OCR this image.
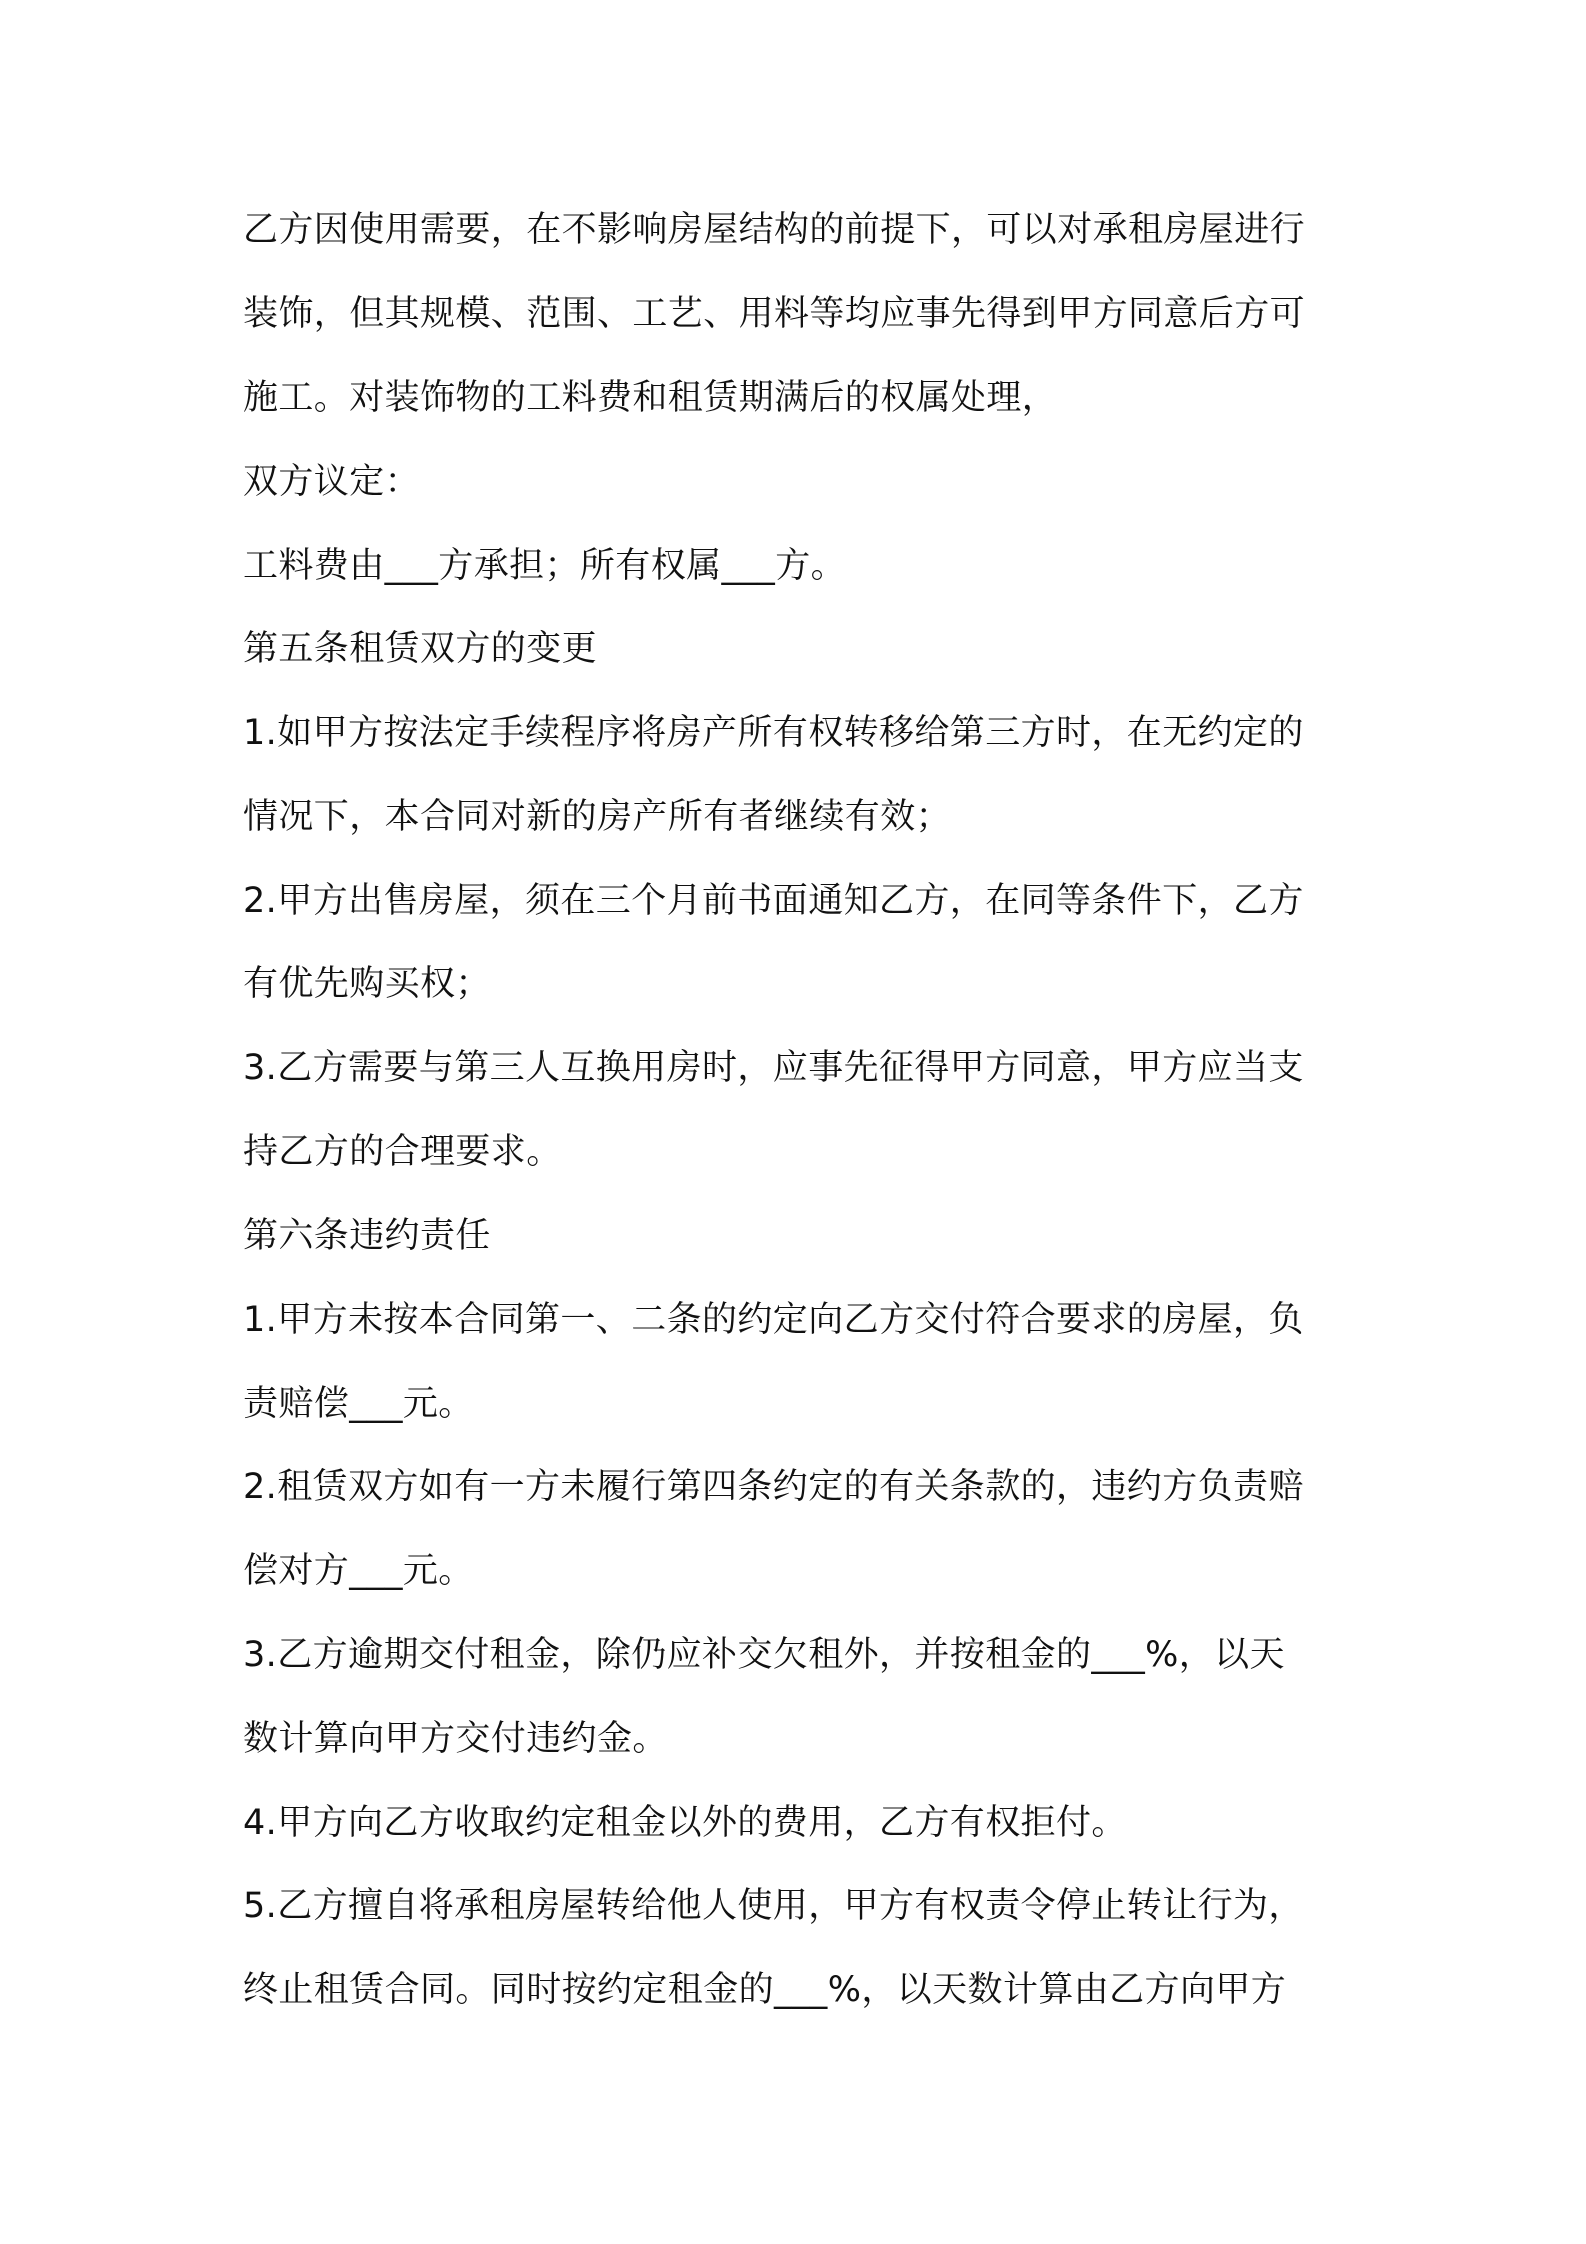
乙方因使用需要，在不影响房屋结构的前提下，可以对承租房屋进行
装饰，但其规模、范围、工艺、用料等均应事先得到甲方同意后方可
施工。对装饰物的工料费和租赁期满后的权属处理，
双方议定：
工料费由___方承担；所有权属___方。
第五条租赁双方的变更
1.如甲方按法定手续程序将房产所有权转移给第三方时，在无约定的
情况下，本合同对新的房产所有者继续有效；
2.甲方出售房屋，须在三个月前书面通知乙方，在同等条件下，乙方
有优先购买权；
3.乙方需要与第三人互换用房时，应事先征得甲方同意，甲方应当支
持乙方的合理要求。
第六条违约责任
1.甲方未按本合同第一、二条的约定向乙方交付符合要求的房屋，负
责赔偿___元。
2.租赁双方如有一方未履行第四条约定的有关条款的，违约方负责赔
偿对方___元。
3.乙方逾期交付租金，除仍应补交欠租外，并按租金的___%，以天
数计算向甲方交付违约金。
4.甲方向乙方收取约定租金以外的费用，乙方有权拒付。
5.乙方擅自将承租房屋转给他人使用，甲方有权责令停止转让行为，
终止租赁合同。同时按约定租金的___%，以天数计算由乙方向甲方
